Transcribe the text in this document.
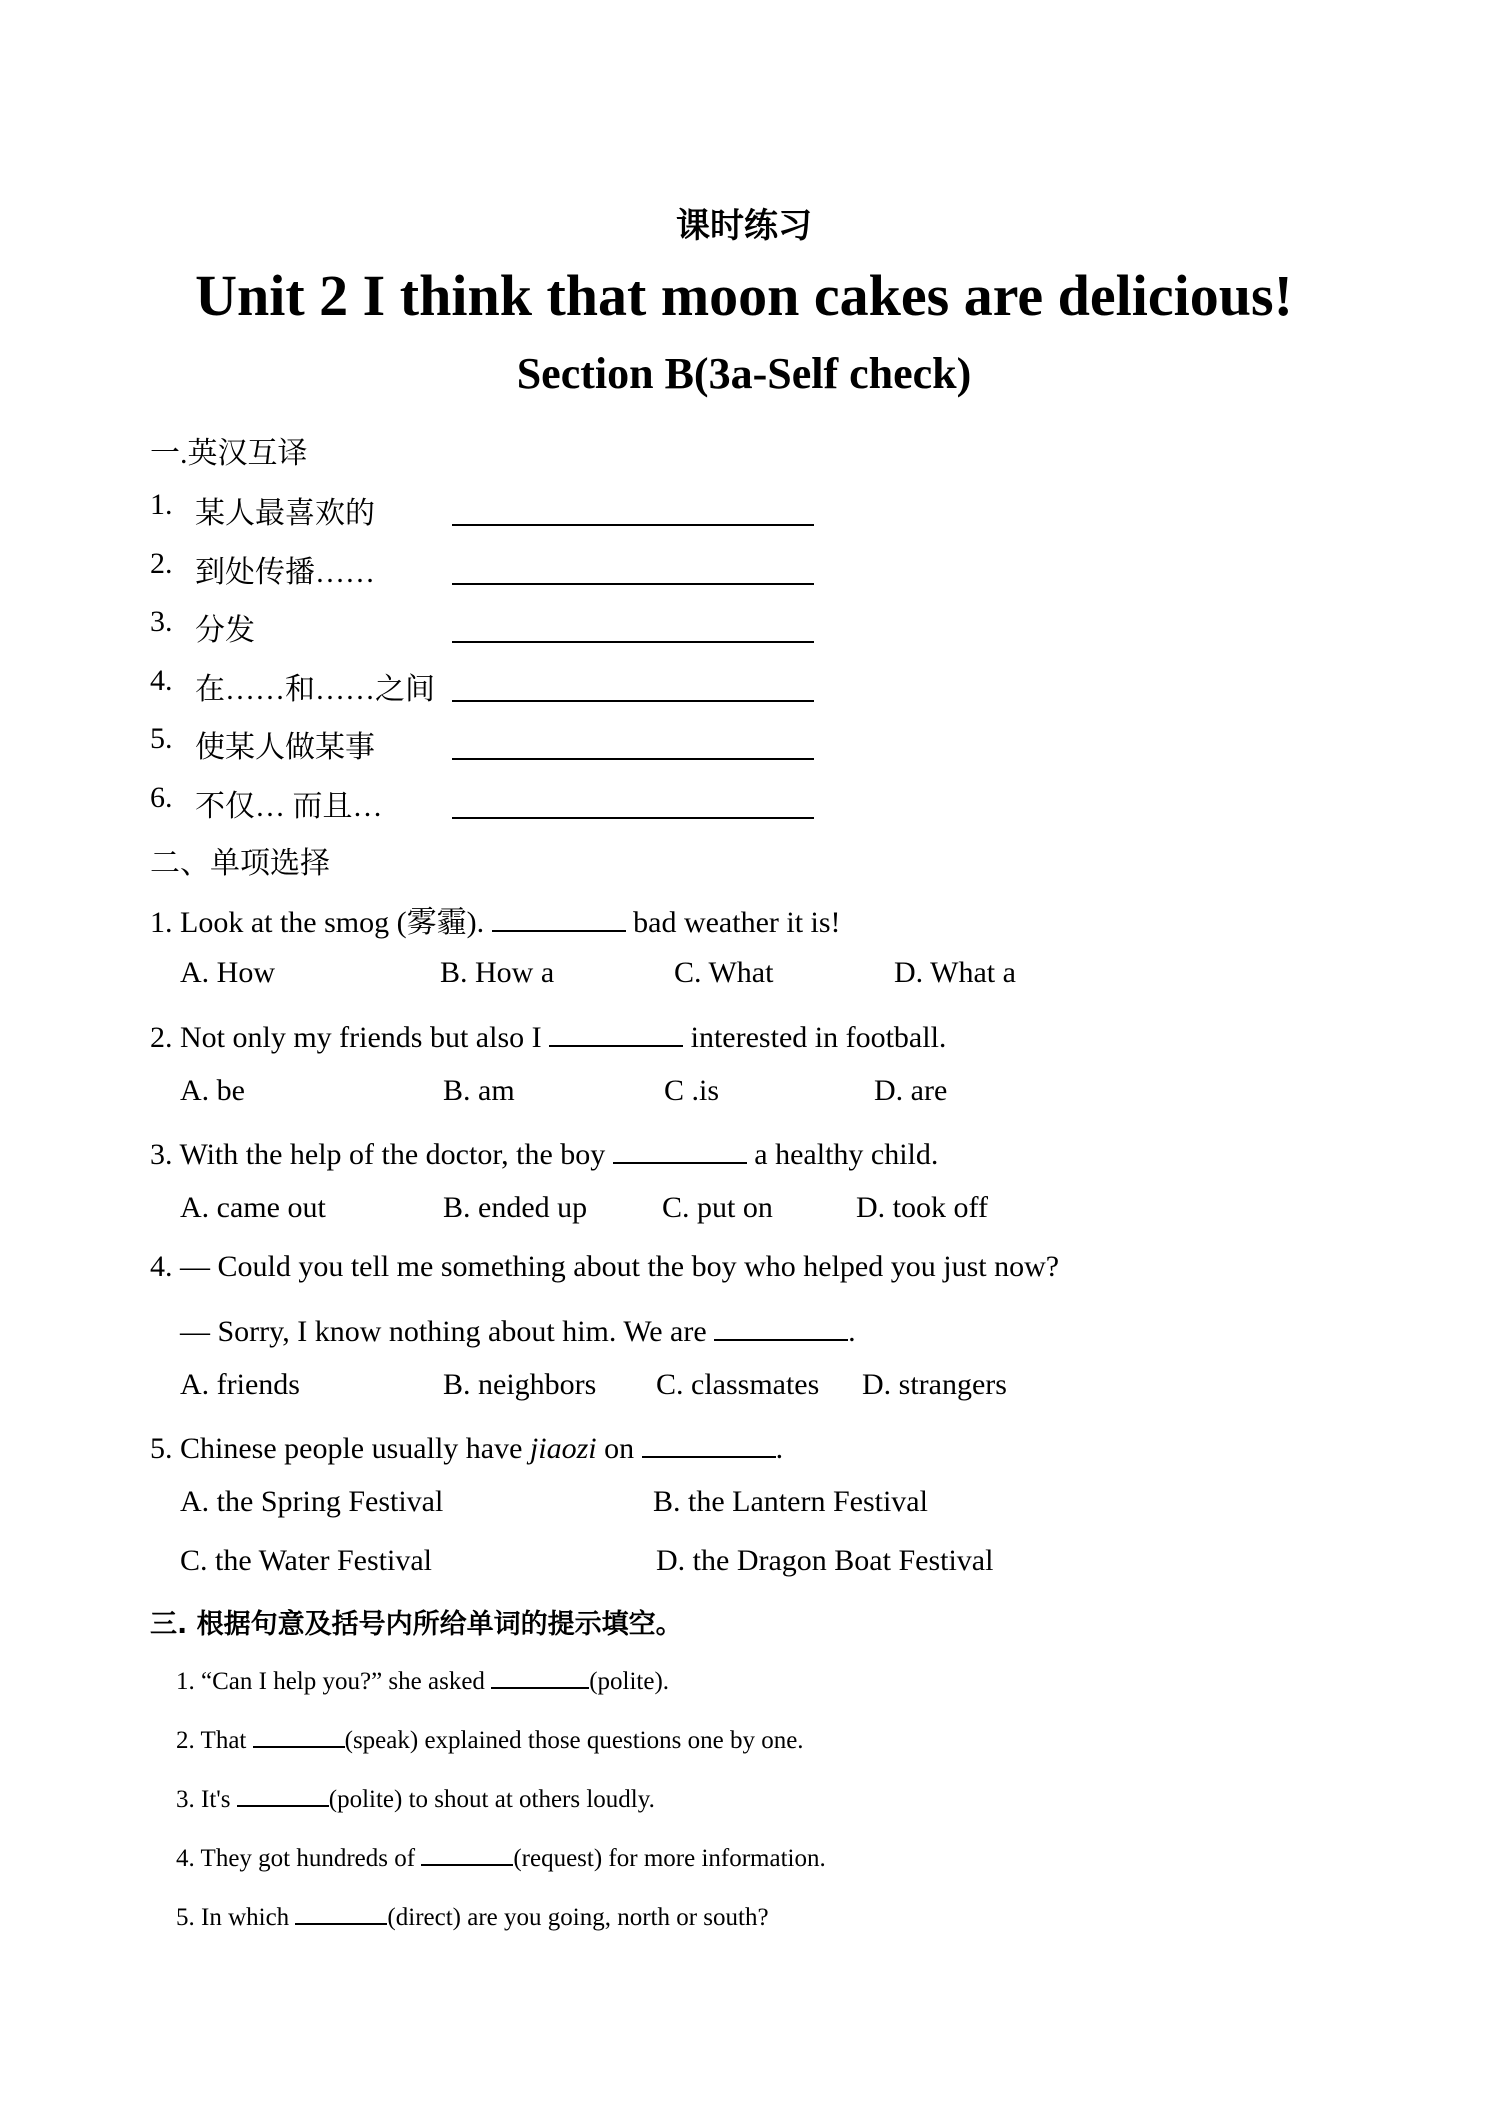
课时练习
Unit 2 I think that moon cakes are delicious!
Section B(3a-Self check)
一.英汉互译
1. 某人最喜欢的
2. 到处传播……
3. 分发
4. 在……和……之间
5. 使某人做某事
6. 不仅… 而且…
二、单项选择
1. Look at the smog (雾霾).	bad weather it is!
A. How	B. How a	C. What	D. What a
2. Not only my friends but also I	interested in football.
A. be	B. am	C .is	D. are
3. With the help of the doctor, the boy	a healthy child.
A. came out	B. ended up C. put on	D. took off
4. — Could you tell me something about the boy who helped you just now?
— Sorry, I know nothing about him. We are	.
A. friends	B. neighbors C. classmates D. strangers
5. Chinese people usually have jiaozi on	.
A. the Spring Festival	B. the Lantern Festival
C. the Water Festival	D. the Dragon Boat Festival
三. 根据句意及括号内所给单词的提示填空。
1. “Can I help you?” she asked	(polite).
2. That	(speak) explained those questions one by one.
3. It's	(polite) to shout at others loudly.
4. They got hundreds of	(request) for more information.
5. In which	(direct) are you going, north or south?
